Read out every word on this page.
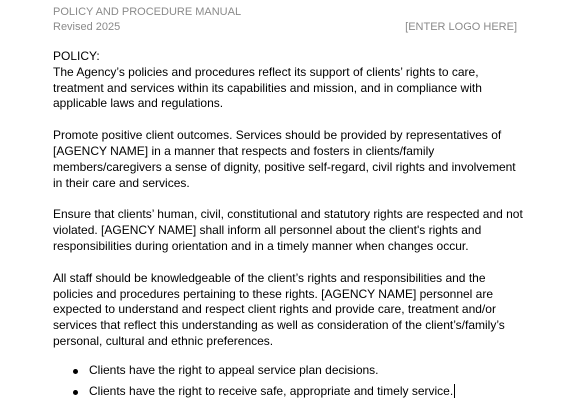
POLICY AND PROCEDURE MANUAL
Revised 2025	[ENTER LOGO HERE]

POLICY:

The Agency’s policies and procedures reflect its support of clients’ rights to care, treatment and services within its capabilities and mission, and in compliance with applicable laws and regulations.

Promote positive client outcomes. Services should be provided by representatives of [AGENCY NAME] in a manner that respects and fosters in clients/family members/caregivers a sense of dignity, positive self-regard, civil rights and involvement in their care and services.

Ensure that clients’ human, civil, constitutional and statutory rights are respected and not violated. [AGENCY NAME] shall inform all personnel about the client's rights and responsibilities during orientation and in a timely manner when changes occur.

All staff should be knowledgeable of the client’s rights and responsibilities and the policies and procedures pertaining to these rights. [AGENCY NAME] personnel are expected to understand and respect client rights and provide care, treatment and/or services that reflect this understanding as well as consideration of the client’s/family’s personal, cultural and ethnic preferences.

Clients have the right to appeal service plan decisions.
Clients have the right to receive safe, appropriate and timely service.
